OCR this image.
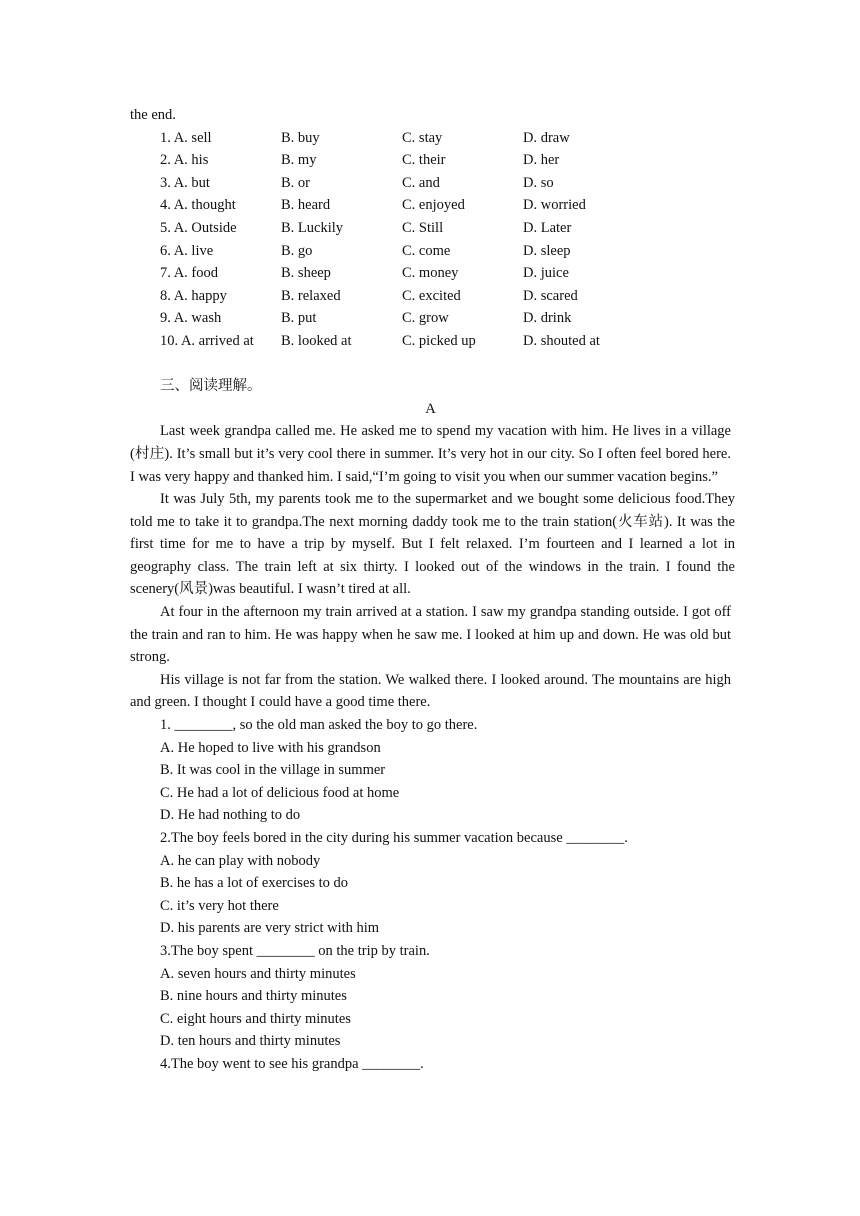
the end.
1. A. sell	B. buy	C. stay	D. draw
2. A. his	B. my	C. their	D. her
3. A. but	B. or	C. and	D. so
4. A. thought	B. heard	C. enjoyed	D. worried
5. A. Outside	B. Luckily	C. Still	D. Later
6. A. live	B. go	C. come	D. sleep
7. A. food	B. sheep	C. money	D. juice
8. A. happy	B. relaxed	C. excited	D. scared
9. A. wash	B. put	C. grow	D. drink
10. A. arrived at	B. looked at	C. picked up	D. shouted at
三、阅读理解。
A
Last week grandpa called me. He asked me to spend my vacation with him. He lives in a village (村庄). It’s small but it’s very cool there in summer. It’s very hot in our city. So I often feel bored here. I was very happy and thanked him. I said,“I’m going to visit you when our summer vacation begins.”
It was July 5th, my parents took me to the supermarket and we bought some delicious food.They told me to take it to grandpa.The next morning daddy took me to the train station(火车站). It was the first time for me to have a trip by myself. But I felt relaxed. I’m fourteen and I learned a lot in geography class. The train left at six thirty. I looked out of the windows in the train. I found the scenery(风景)was beautiful. I wasn’t tired at all.
At four in the afternoon my train arrived at a station. I saw my grandpa standing outside. I got off the train and ran to him. He was happy when he saw me. I looked at him up and down. He was old but strong.
His village is not far from the station. We walked there. I looked around. The mountains are high and green. I thought I could have a good time there.
1. ________, so the old man asked the boy to go there.
A. He hoped to live with his grandson
B. It was cool in the village in summer
C. He had a lot of delicious food at home
D. He had nothing to do
2.The boy feels bored in the city during his summer vacation because ________.
A. he can play with nobody
B. he has a lot of exercises to do
C. it’s very hot there
D. his parents are very strict with him
3.The boy spent ________ on the trip by train.
A. seven hours and thirty minutes
B. nine hours and thirty minutes
C. eight hours and thirty minutes
D. ten hours and thirty minutes
4.The boy went to see his grandpa ________.
